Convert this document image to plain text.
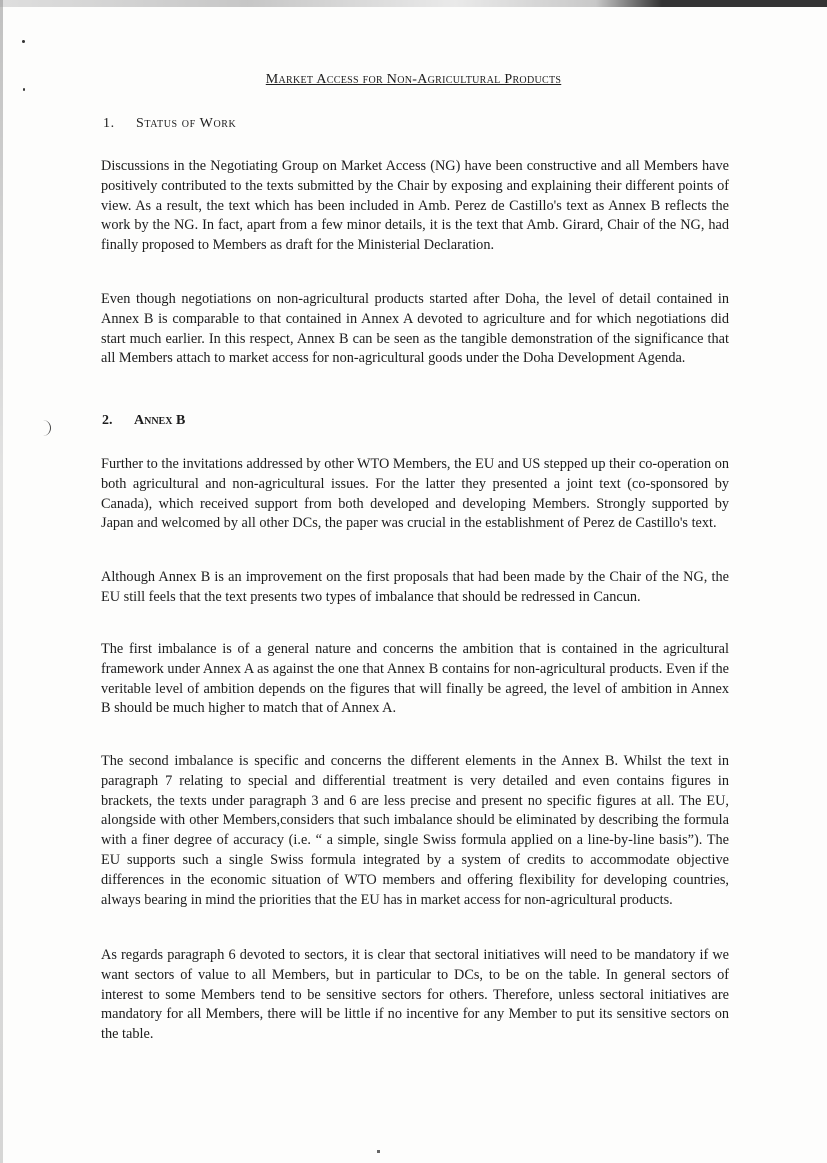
Market Access for Non-Agricultural Products
1. Status of Work

Discussions in the Negotiating Group on Market Access (NG) have been constructive and all Members have positively contributed to the texts submitted by the Chair by exposing and explaining their different points of view. As a result, the text which has been included in Amb. Perez de Castillo's text as Annex B reflects the work by the NG. In fact, apart from a few minor details, it is the text that Amb. Girard, Chair of the NG, had finally proposed to Members as draft for the Ministerial Declaration.

Even though negotiations on non-agricultural products started after Doha, the level of detail contained in Annex B is comparable to that contained in Annex A devoted to agriculture and for which negotiations did start much earlier. In this respect, Annex B can be seen as the tangible demonstration of the significance that all Members attach to market access for non-agricultural goods under the Doha Development Agenda.

2. Annex B

Further to the invitations addressed by other WTO Members, the EU and US stepped up their co-operation on both agricultural and non-agricultural issues. For the latter they presented a joint text (co-sponsored by Canada), which received support from both developed and developing Members. Strongly supported by Japan and welcomed by all other DCs, the paper was crucial in the establishment of Perez de Castillo's text.

Although Annex B is an improvement on the first proposals that had been made by the Chair of the NG, the EU still feels that the text presents two types of imbalance that should be redressed in Cancun.

The first imbalance is of a general nature and concerns the ambition that is contained in the agricultural framework under Annex A as against the one that Annex B contains for non-agricultural products. Even if the veritable level of ambition depends on the figures that will finally be agreed, the level of ambition in Annex B should be much higher to match that of Annex A.

The second imbalance is specific and concerns the different elements in the Annex B. Whilst the text in paragraph 7 relating to special and differential treatment is very detailed and even contains figures in brackets, the texts under paragraph 3 and 6 are less precise and present no specific figures at all. The EU, alongside with other Members,considers that such imbalance should be eliminated by describing the formula with a finer degree of accuracy (i.e. “ a simple, single Swiss formula applied on a line-by-line basis”). The EU supports such a single Swiss formula integrated by a system of credits to accommodate objective differences in the economic situation of WTO members and offering flexibility for developing countries, always bearing in mind the priorities that the EU has in market access for non-agricultural products.

As regards paragraph 6 devoted to sectors, it is clear that sectoral initiatives will need to be mandatory if we want sectors of value to all Members, but in particular to DCs, to be on the table. In general sectors of interest to some Members tend to be sensitive sectors for others. Therefore, unless sectoral initiatives are mandatory for all Members, there will be little if no incentive for any Member to put its sensitive sectors on the table.
